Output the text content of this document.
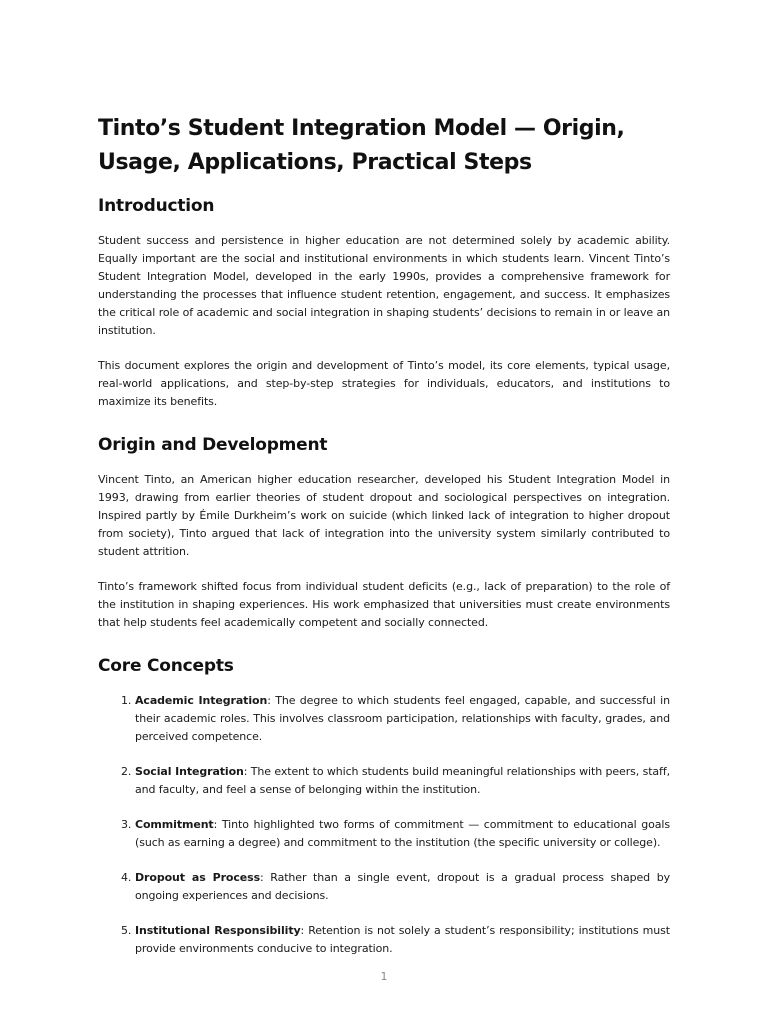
Tinto’s Student Integration Model — Origin, Usage, Applications, Practical Steps
Introduction

Student success and persistence in higher education are not determined solely by academic ability. Equally important are the social and institutional environments in which students learn. Vincent Tinto’s Student Integration Model, developed in the early 1990s, provides a comprehensive framework for understanding the processes that influence student retention, engagement, and success. It emphasizes the critical role of academic and social integration in shaping students’ decisions to remain in or leave an institution.

This document explores the origin and development of Tinto’s model, its core elements, typical usage, real-world applications, and step-by-step strategies for individuals, educators, and institutions to maximize its benefits.

Origin and Development

Vincent Tinto, an American higher education researcher, developed his Student Integration Model in 1993, drawing from earlier theories of student dropout and sociological perspectives on integration. Inspired partly by Émile Durkheim’s work on suicide (which linked lack of integration to higher dropout from society), Tinto argued that lack of integration into the university system similarly contributed to student attrition.

Tinto’s framework shifted focus from individual student deficits (e.g., lack of preparation) to the role of the institution in shaping experiences. His work emphasized that universities must create environments that help students feel academically competent and socially connected.

Core Concepts
1. Academic Integration: The degree to which students feel engaged, capable, and successful in their academic roles. This involves classroom participation, relationships with faculty, grades, and perceived competence.
2. Social Integration: The extent to which students build meaningful relationships with peers, staff, and faculty, and feel a sense of belonging within the institution.
3. Commitment: Tinto highlighted two forms of commitment — commitment to educational goals (such as earning a degree) and commitment to the institution (the specific university or college).
4. Dropout as Process: Rather than a single event, dropout is a gradual process shaped by ongoing experiences and decisions.
5. Institutional Responsibility: Retention is not solely a student’s responsibility; institutions must provide environments conducive to integration.
1
